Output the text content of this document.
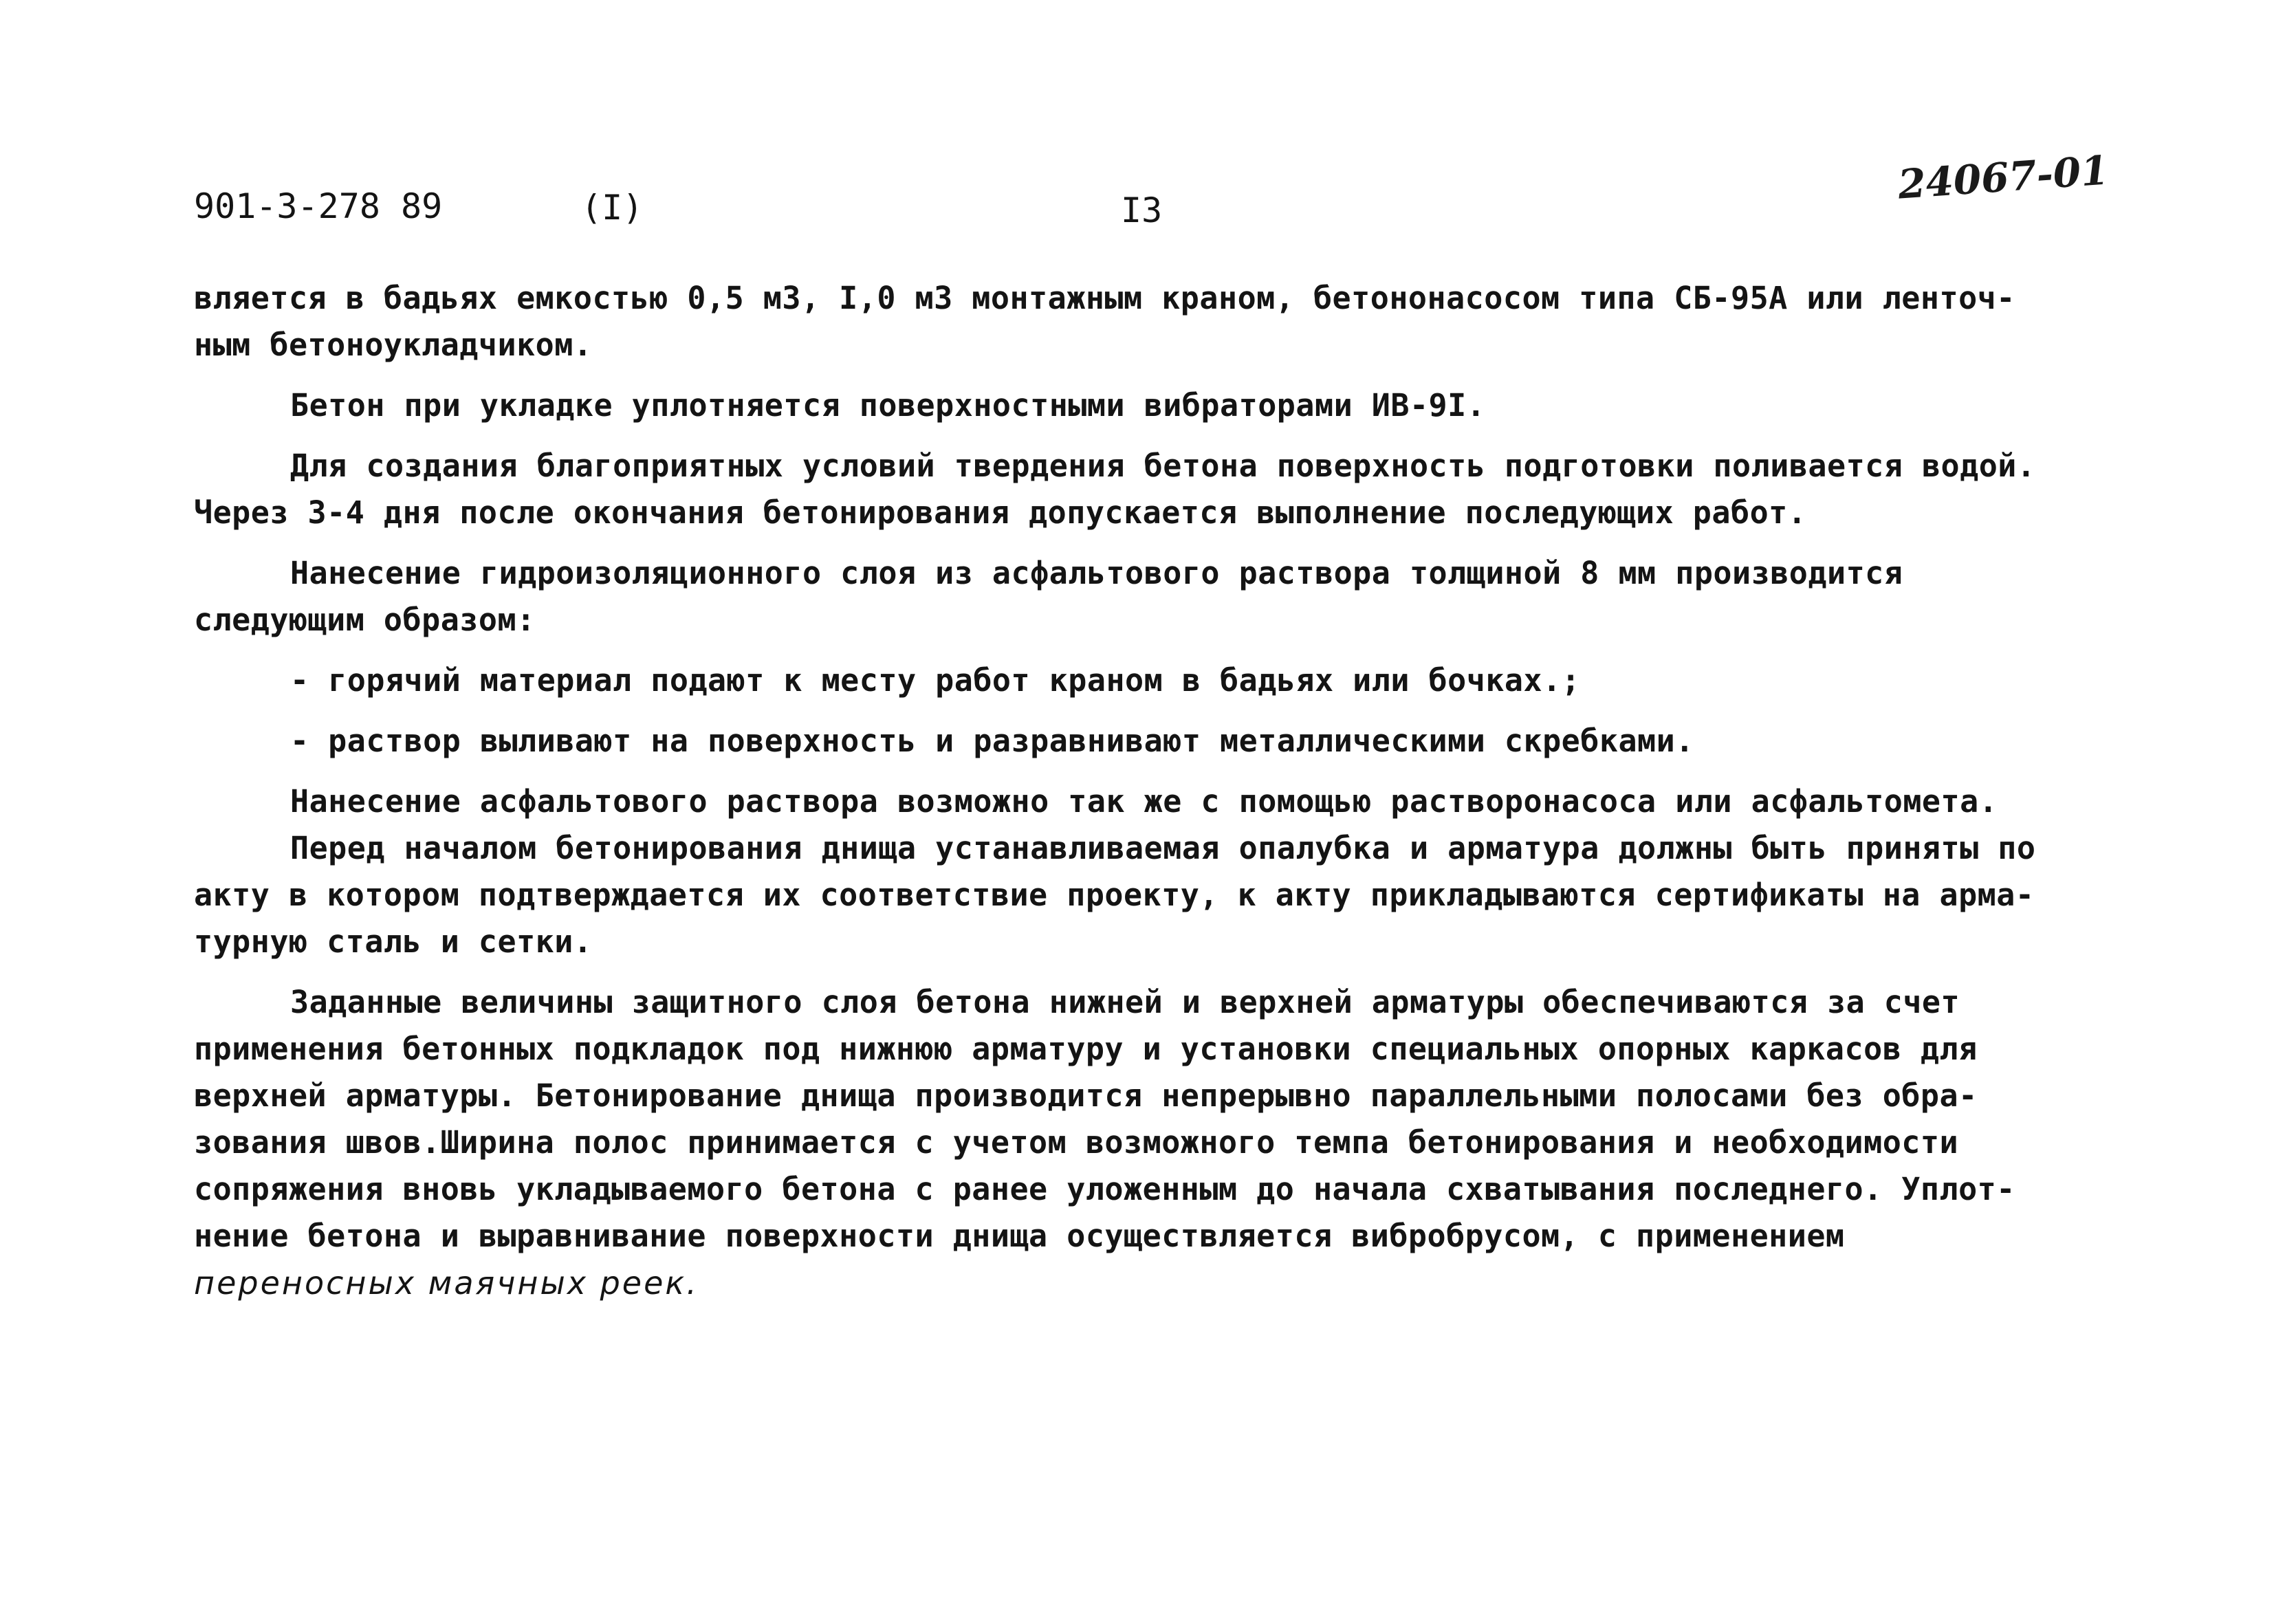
901-3-278 89	(I)	I3
24067-01
вляется в бадьях емкостью 0,5 м3, I,0 м3 монтажным краном, бетононасосом типа СБ-95А или ленточ-
ным бетоноукладчиком.
Бетон при укладке уплотняется поверхностными вибраторами ИВ-9I.
Для создания благоприятных условий твердения бетона поверхность подготовки поливается водой.
Через 3-4 дня после окончания бетонирования допускается выполнение последующих работ.
Нанесение гидроизоляционного слоя из асфальтового раствора толщиной 8 мм производится
следующим образом:
- горячий материал подают к месту работ краном в бадьях или бочках.;
- раствор выливают на поверхность и разравнивают металлическими скребками.
Нанесение асфальтового раствора возможно так же с помощью растворонасоса или асфальтомета.
Перед началом бетонирования днища устанавливаемая опалубка и арматура должны быть приняты по
акту в котором подтверждается их соответствие проекту, к акту прикладываются сертификаты на арма-
турную сталь и сетки.
Заданные величины защитного слоя бетона нижней и верхней арматуры обеспечиваются за счет
применения бетонных подкладок под нижнюю арматуру и установки специальных опорных каркасов для
верхней арматуры. Бетонирование днища производится непрерывно параллельными полосами без обра-
зования швов.Ширина полос принимается с учетом возможного темпа бетонирования и необходимости
сопряжения вновь укладываемого бетона с ранее уложенным до начала схватывания последнего. Уплот-
нение бетона и выравнивание поверхности днища осуществляется вибробрусом, с применением
переносных маячных реек.
